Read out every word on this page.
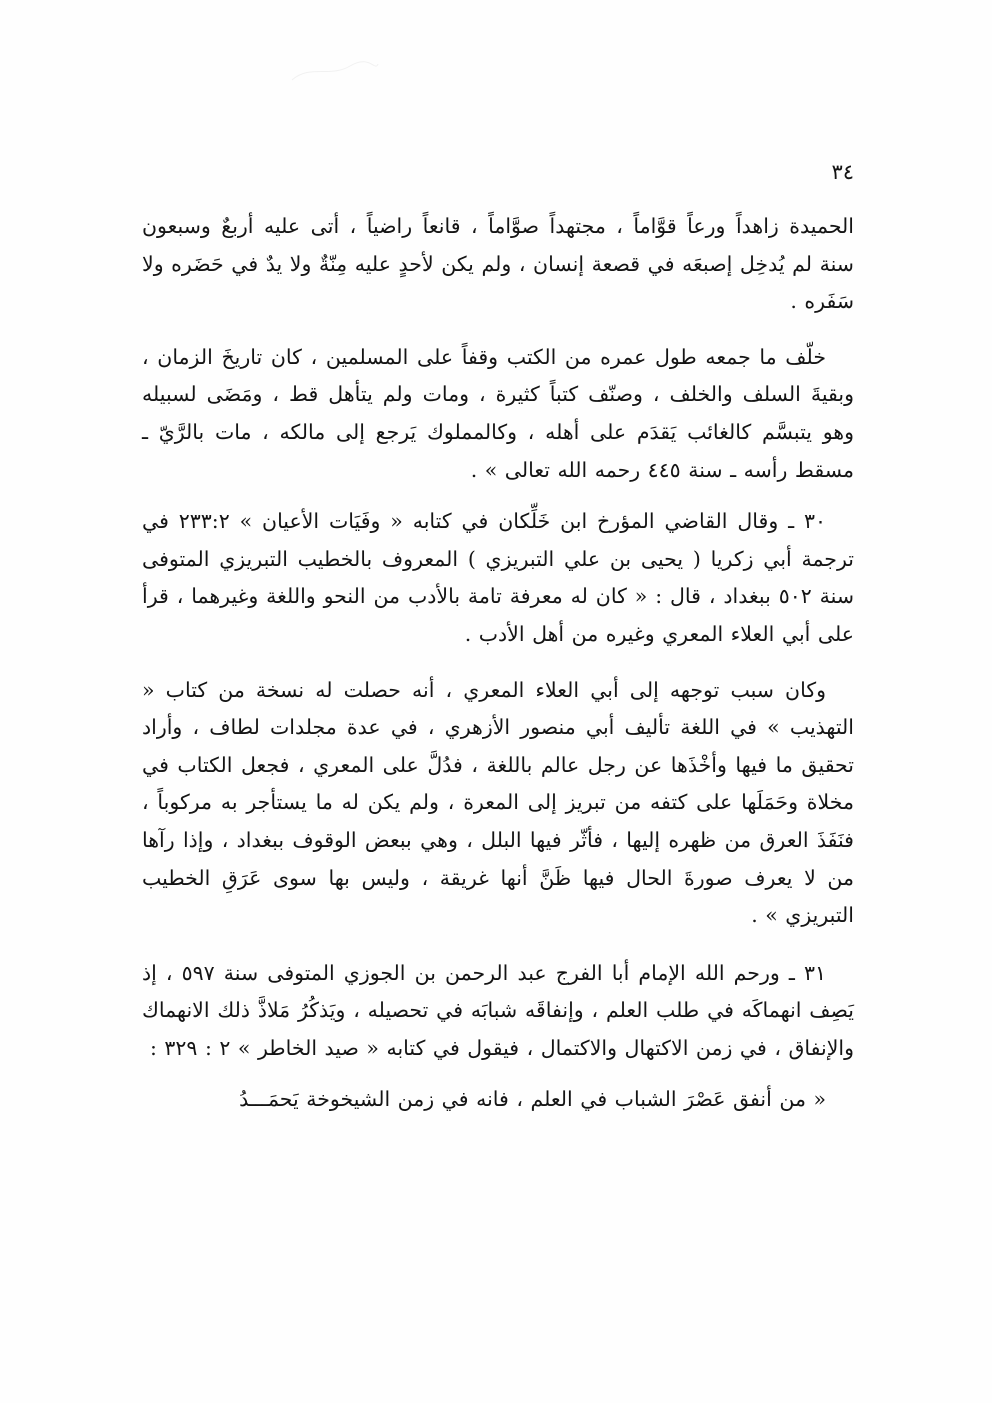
٣٤

الحميدة زاهداً ورعاً قوَّاماً ، مجتهداً صوَّاماً ، قانعاً راضياً ، أتى عليه أربعٌ وسبعون سنة لم يُدخِل إصبعَه في قصعة إنسان ، ولم يكن لأحدٍ عليه مِنّةٌ ولا يدٌ في حَضَره ولا سَفَره .

خلّف ما جمعه طول عمره من الكتب وقفاً على المسلمين ، كان تاريخَ الزمان ، وبقيةَ السلف والخلف ، وصنّف كتباً كثيرة ، ومات ولم يتأهل قط ، ومَضَى لسبيله وهو يتبسَّم كالغائب يَقدَم على أهله ، وكالمملوك يَرجع إلى مالكه ، مات بالرَّيّ ـ مسقط رأسه ـ سنة ٤٤٥ رحمه الله تعالى » .

٣٠ ـ وقال القاضي المؤرخ ابن خَلِّكان في كتابه « وفَيَات الأعيان » ٢٣٣:٢ في ترجمة أبي زكريا ( يحيى بن علي التبريزي ) المعروف بالخطيب التبريزي المتوفى سنة ٥٠٢ ببغداد ، قال : « كان له معرفة تامة بالأدب من النحو واللغة وغيرهما ، قرأ على أبي العلاء المعري وغيره من أهل الأدب .

وكان سبب توجهه إلى أبي العلاء المعري ، أنه حصلت له نسخة من كتاب « التهذيب » في اللغة تأليف أبي منصور الأزهري ، في عدة مجلدات لطاف ، وأراد تحقيق ما فيها وأخْذَها عن رجل عالم باللغة ، فدُلَّ على المعري ، فجعل الكتاب في مخلاة وحَمَلَها على كتفه من تبريز إلى المعرة ، ولم يكن له ما يستأجر به مركوباً ، فنَفَذَ العرق من ظهره إليها ، فأثّر فيها البلل ، وهي ببعض الوقوف ببغداد ، وإذا رآها من لا يعرف صورةَ الحال فيها ظَنَّ أنها غريقة ، وليس بها سوى عَرَقِ الخطيب التبريزي » .

٣١ ـ ورحم الله الإمام أبا الفرج عبد الرحمن بن الجوزي المتوفى سنة ٥٩٧ ، إذ يَصِف انهماكَه في طلب العلم ، وإنفاقَه شبابَه في تحصيله ، ويَذكُرُ مَلاذَّ ذلك الانهماك والإنفاق ، في زمن الاكتهال والاكتمال ، فيقول في كتابه « صيد الخاطر » ٢ : ٣٢٩ :

« من أنفق عَصْرَ الشباب في العلم ، فانه في زمن الشيخوخة يَحمَـــدُ
